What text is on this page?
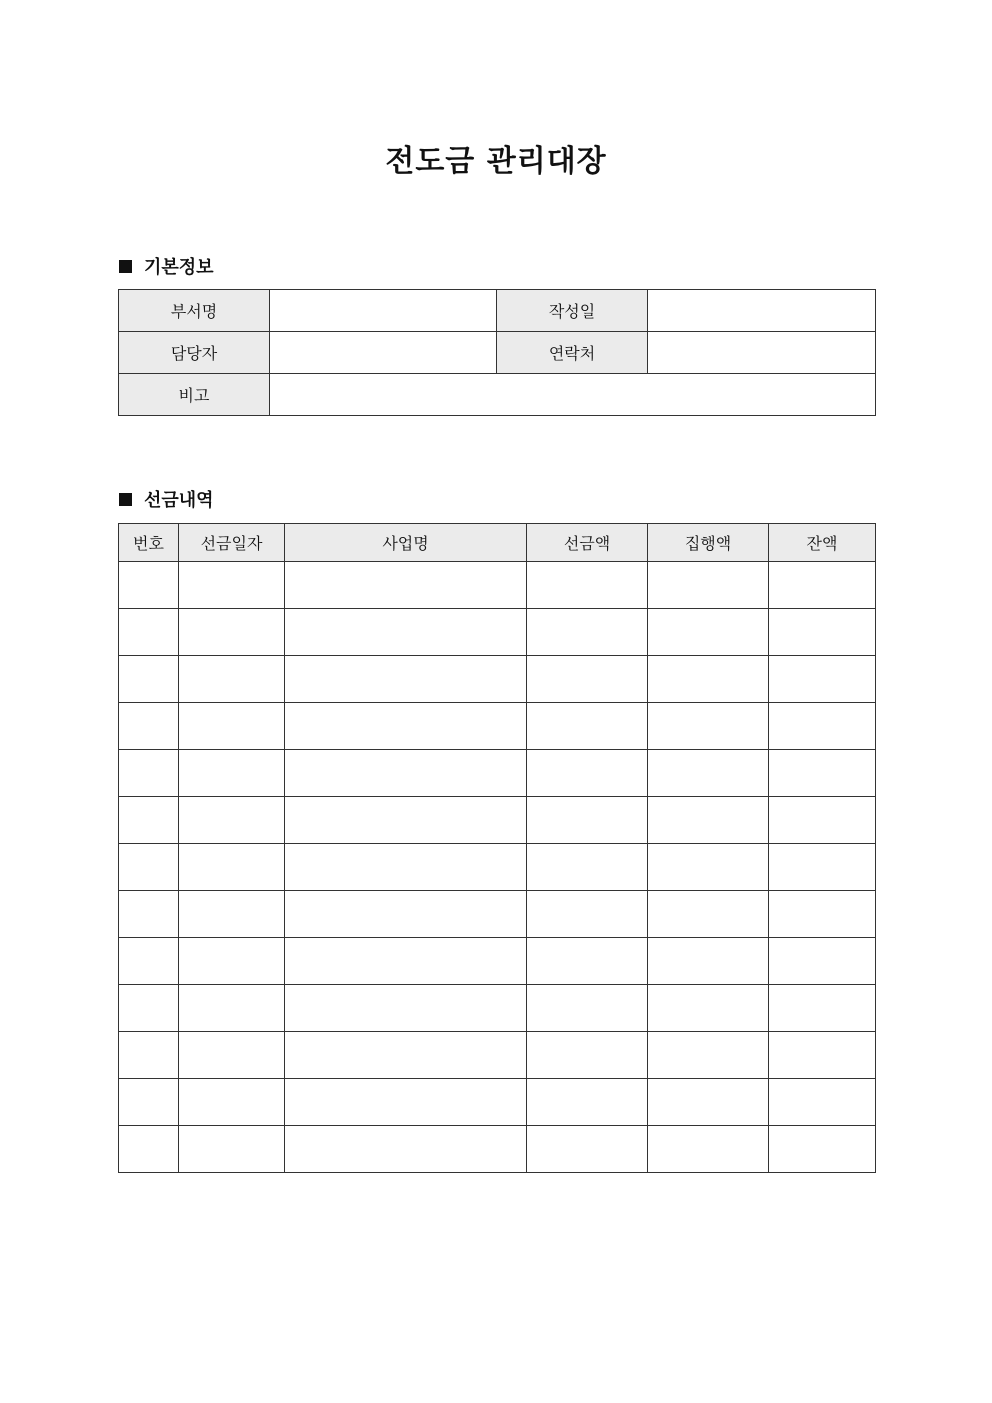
전도금 관리대장
기본정보
부서명		작성일	
담당자		연락처	
비고			
선금내역
번호	선금일자	사업명	선금액	집행액	잔액
